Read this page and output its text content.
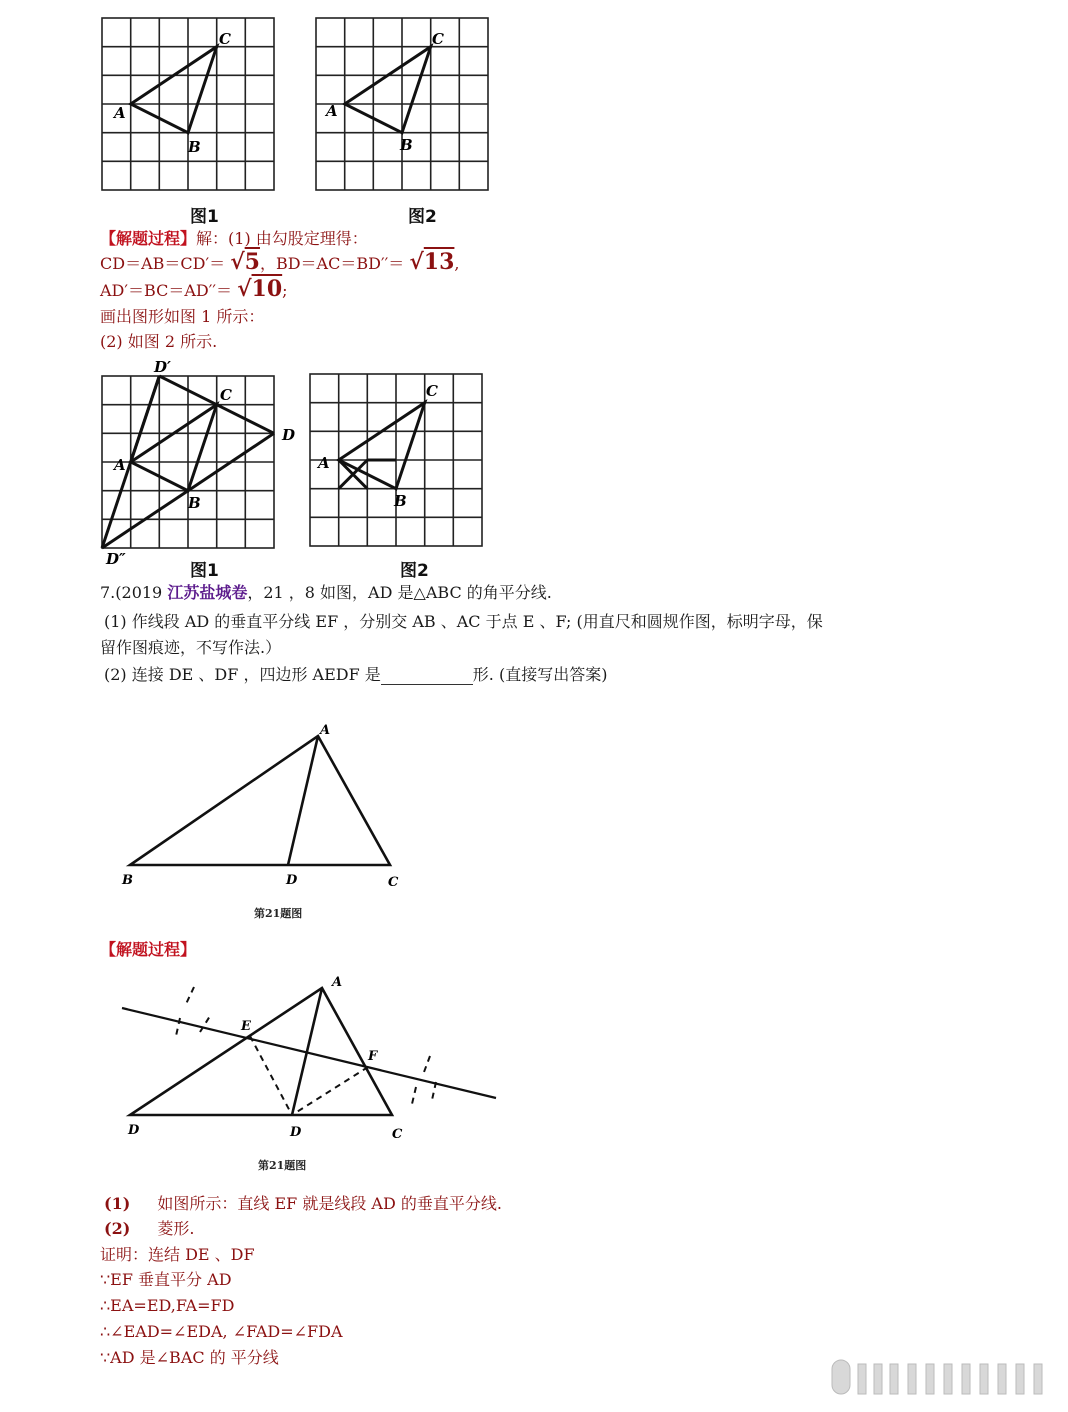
A
C
B
图1
A
C
B
图2
【解题过程】解：(1) 由勾股定理得：
CD＝AB＝CD′＝ √5，BD＝AC＝BD′′＝ √13,
AD′＝BC＝AD′′＝ √10;
画出图形如图 1 所示：
(2) 如图 2 所示.
A
C
B
D
D′
D″
图1
A
C
B
图2
7.(2019 江苏盐城卷，21 ，8 如图，AD 是△ABC 的角平分线.
(1) 作线段 AD 的垂直平分线 EF ，分别交 AB 、AC 于点 E 、F; (用直尺和圆规作图，标明字母，保
留作图痕迹，不写作法.）
(2) 连接 DE 、DF ，四边形 AEDF 是	形. (直接写出答案)
A
B	D	C
第21题图
【解题过程】
A
E
F
D	D	C
第21题图
(1) 如图所示：直线 EF 就是线段 AD 的垂直平分线.
(2) 菱形.
证明：连结 DE 、DF
∵EF 垂直平分 AD
∴EA=ED,FA=FD
∴∠EAD=∠EDA, ∠FAD=∠FDA
∵AD 是∠BAC 的 平分线
